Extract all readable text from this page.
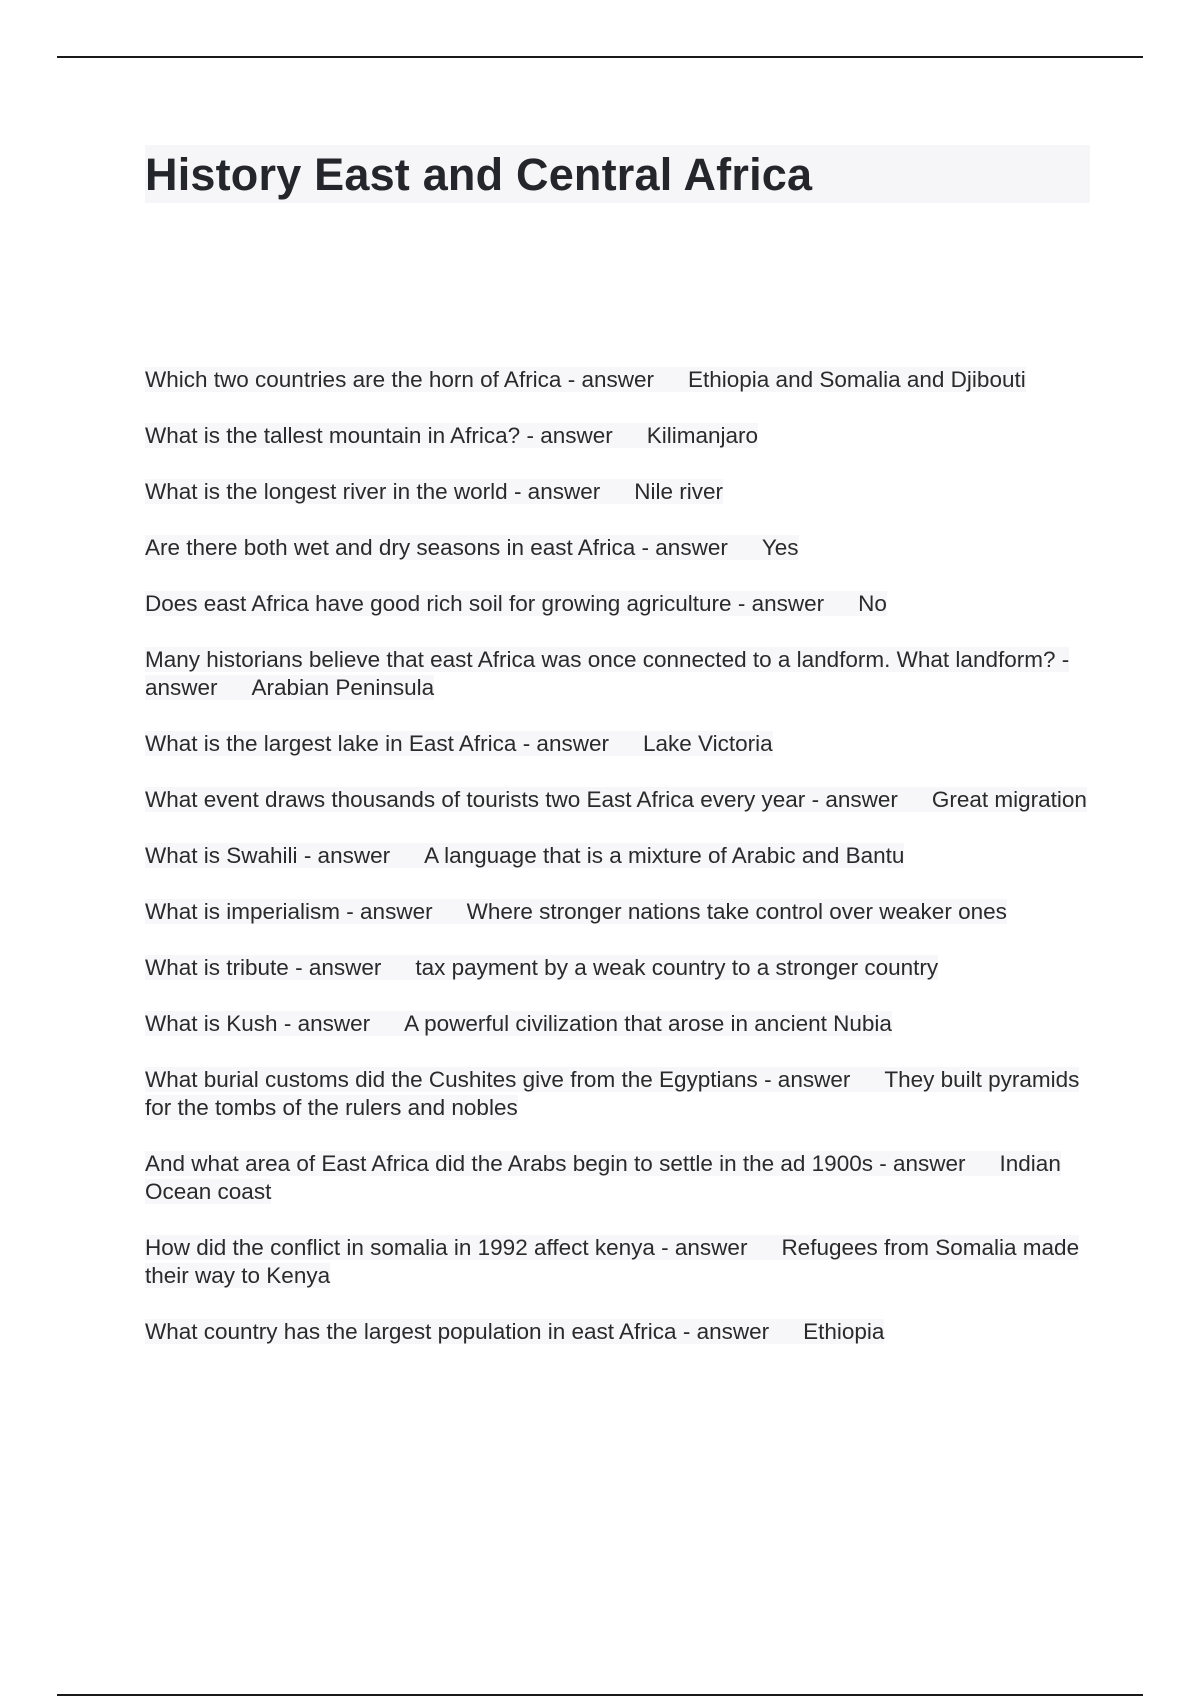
History East and Central Africa
Which two countries are the horn of Africa - answer Ethiopia and Somalia and Djibouti
What is the tallest mountain in Africa? - answer Kilimanjaro
What is the longest river in the world - answer Nile river
Are there both wet and dry seasons in east Africa - answer Yes
Does east Africa have good rich soil for growing agriculture - answer No
Many historians believe that east Africa was once connected to a landform. What landform? - answer Arabian Peninsula
What is the largest lake in East Africa - answer Lake Victoria
What event draws thousands of tourists two East Africa every year - answer Great migration
What is Swahili - answer A language that is a mixture of Arabic and Bantu
What is imperialism - answer Where stronger nations take control over weaker ones
What is tribute - answer tax payment by a weak country to a stronger country
What is Kush - answer A powerful civilization that arose in ancient Nubia
What burial customs did the Cushites give from the Egyptians - answer They built pyramids for the tombs of the rulers and nobles
And what area of East Africa did the Arabs begin to settle in the ad 1900s - answer Indian Ocean coast
How did the conflict in somalia in 1992 affect kenya - answer Refugees from Somalia made their way to Kenya
What country has the largest population in east Africa - answer Ethiopia
